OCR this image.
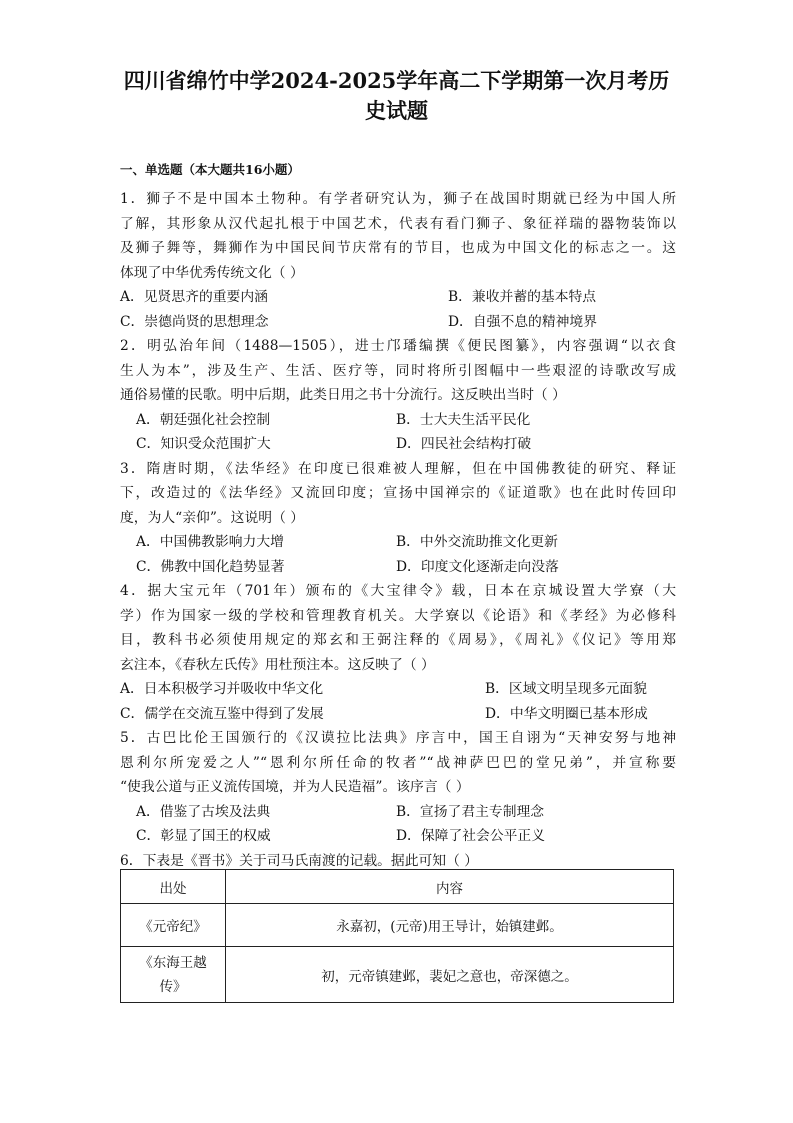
四川省绵竹中学2024-2025学年高二下学期第一次月考历
史试题
一、单选题（本大题共16小题）
1．狮子不是中国本土物种。有学者研究认为，狮子在战国时期就已经为中国人所
了解，其形象从汉代起扎根于中国艺术，代表有看门狮子、象征祥瑞的器物装饰以
及狮子舞等，舞狮作为中国民间节庆常有的节目，也成为中国文化的标志之一。这
体现了中华优秀传统文化（ ）
A．见贤思齐的重要内涵	B．兼收并蓄的基本特点
C．崇德尚贤的思想理念	D．自强不息的精神境界
2．明弘治年间（1488—1505），进士邝璠编撰《便民图纂》，内容强调“以衣食
生人为本”，涉及生产、生活、医疗等，同时将所引图幅中一些艰涩的诗歌改写成
通俗易懂的民歌。明中后期，此类日用之书十分流行。这反映出当时（ ）
A．朝廷强化社会控制	B．士大夫生活平民化
C．知识受众范围扩大	D．四民社会结构打破
3．隋唐时期，《法华经》在印度已很难被人理解，但在中国佛教徒的研究、释证
下，改造过的《法华经》又流回印度；宣扬中国禅宗的《证道歌》也在此时传回印
度，为人“亲仰”。这说明（ ）
A．中国佛教影响力大增	B．中外交流助推文化更新
C．佛教中国化趋势显著	D．印度文化逐渐走向没落
4．据大宝元年（701年）颁布的《大宝律令》载，日本在京城设置大学寮（大
学）作为国家一级的学校和管理教育机关。大学寮以《论语》和《孝经》为必修科
目，教科书必须使用规定的郑玄和王弼注释的《周易》，《周礼》《仪记》等用郑
玄注本，《春秋左氏传》用杜预注本。这反映了（ ）
A．日本积极学习并吸收中华文化	B．区域文明呈现多元面貌
C．儒学在交流互鉴中得到了发展	D．中华文明圈已基本形成
5．古巴比伦王国颁行的《汉谟拉比法典》序言中，国王自诩为“天神安努与地神
恩利尔所宠爱之人”“恩利尔所任命的牧者”“战神萨巴巴的堂兄弟”，并宣称要
“使我公道与正义流传国境，并为人民造福”。该序言（ ）
A．借鉴了古埃及法典	B．宣扬了君主专制理念
C．彰显了国王的权威	D．保障了社会公平正义
6．下表是《晋书》关于司马氏南渡的记载。据此可知（ ）
出处	内容
《元帝纪》	永嘉初，(元帝)用王导计，始镇建邺。

《东海王越
传》	初，元帝镇建邺，裴妃之意也，帝深德之。
